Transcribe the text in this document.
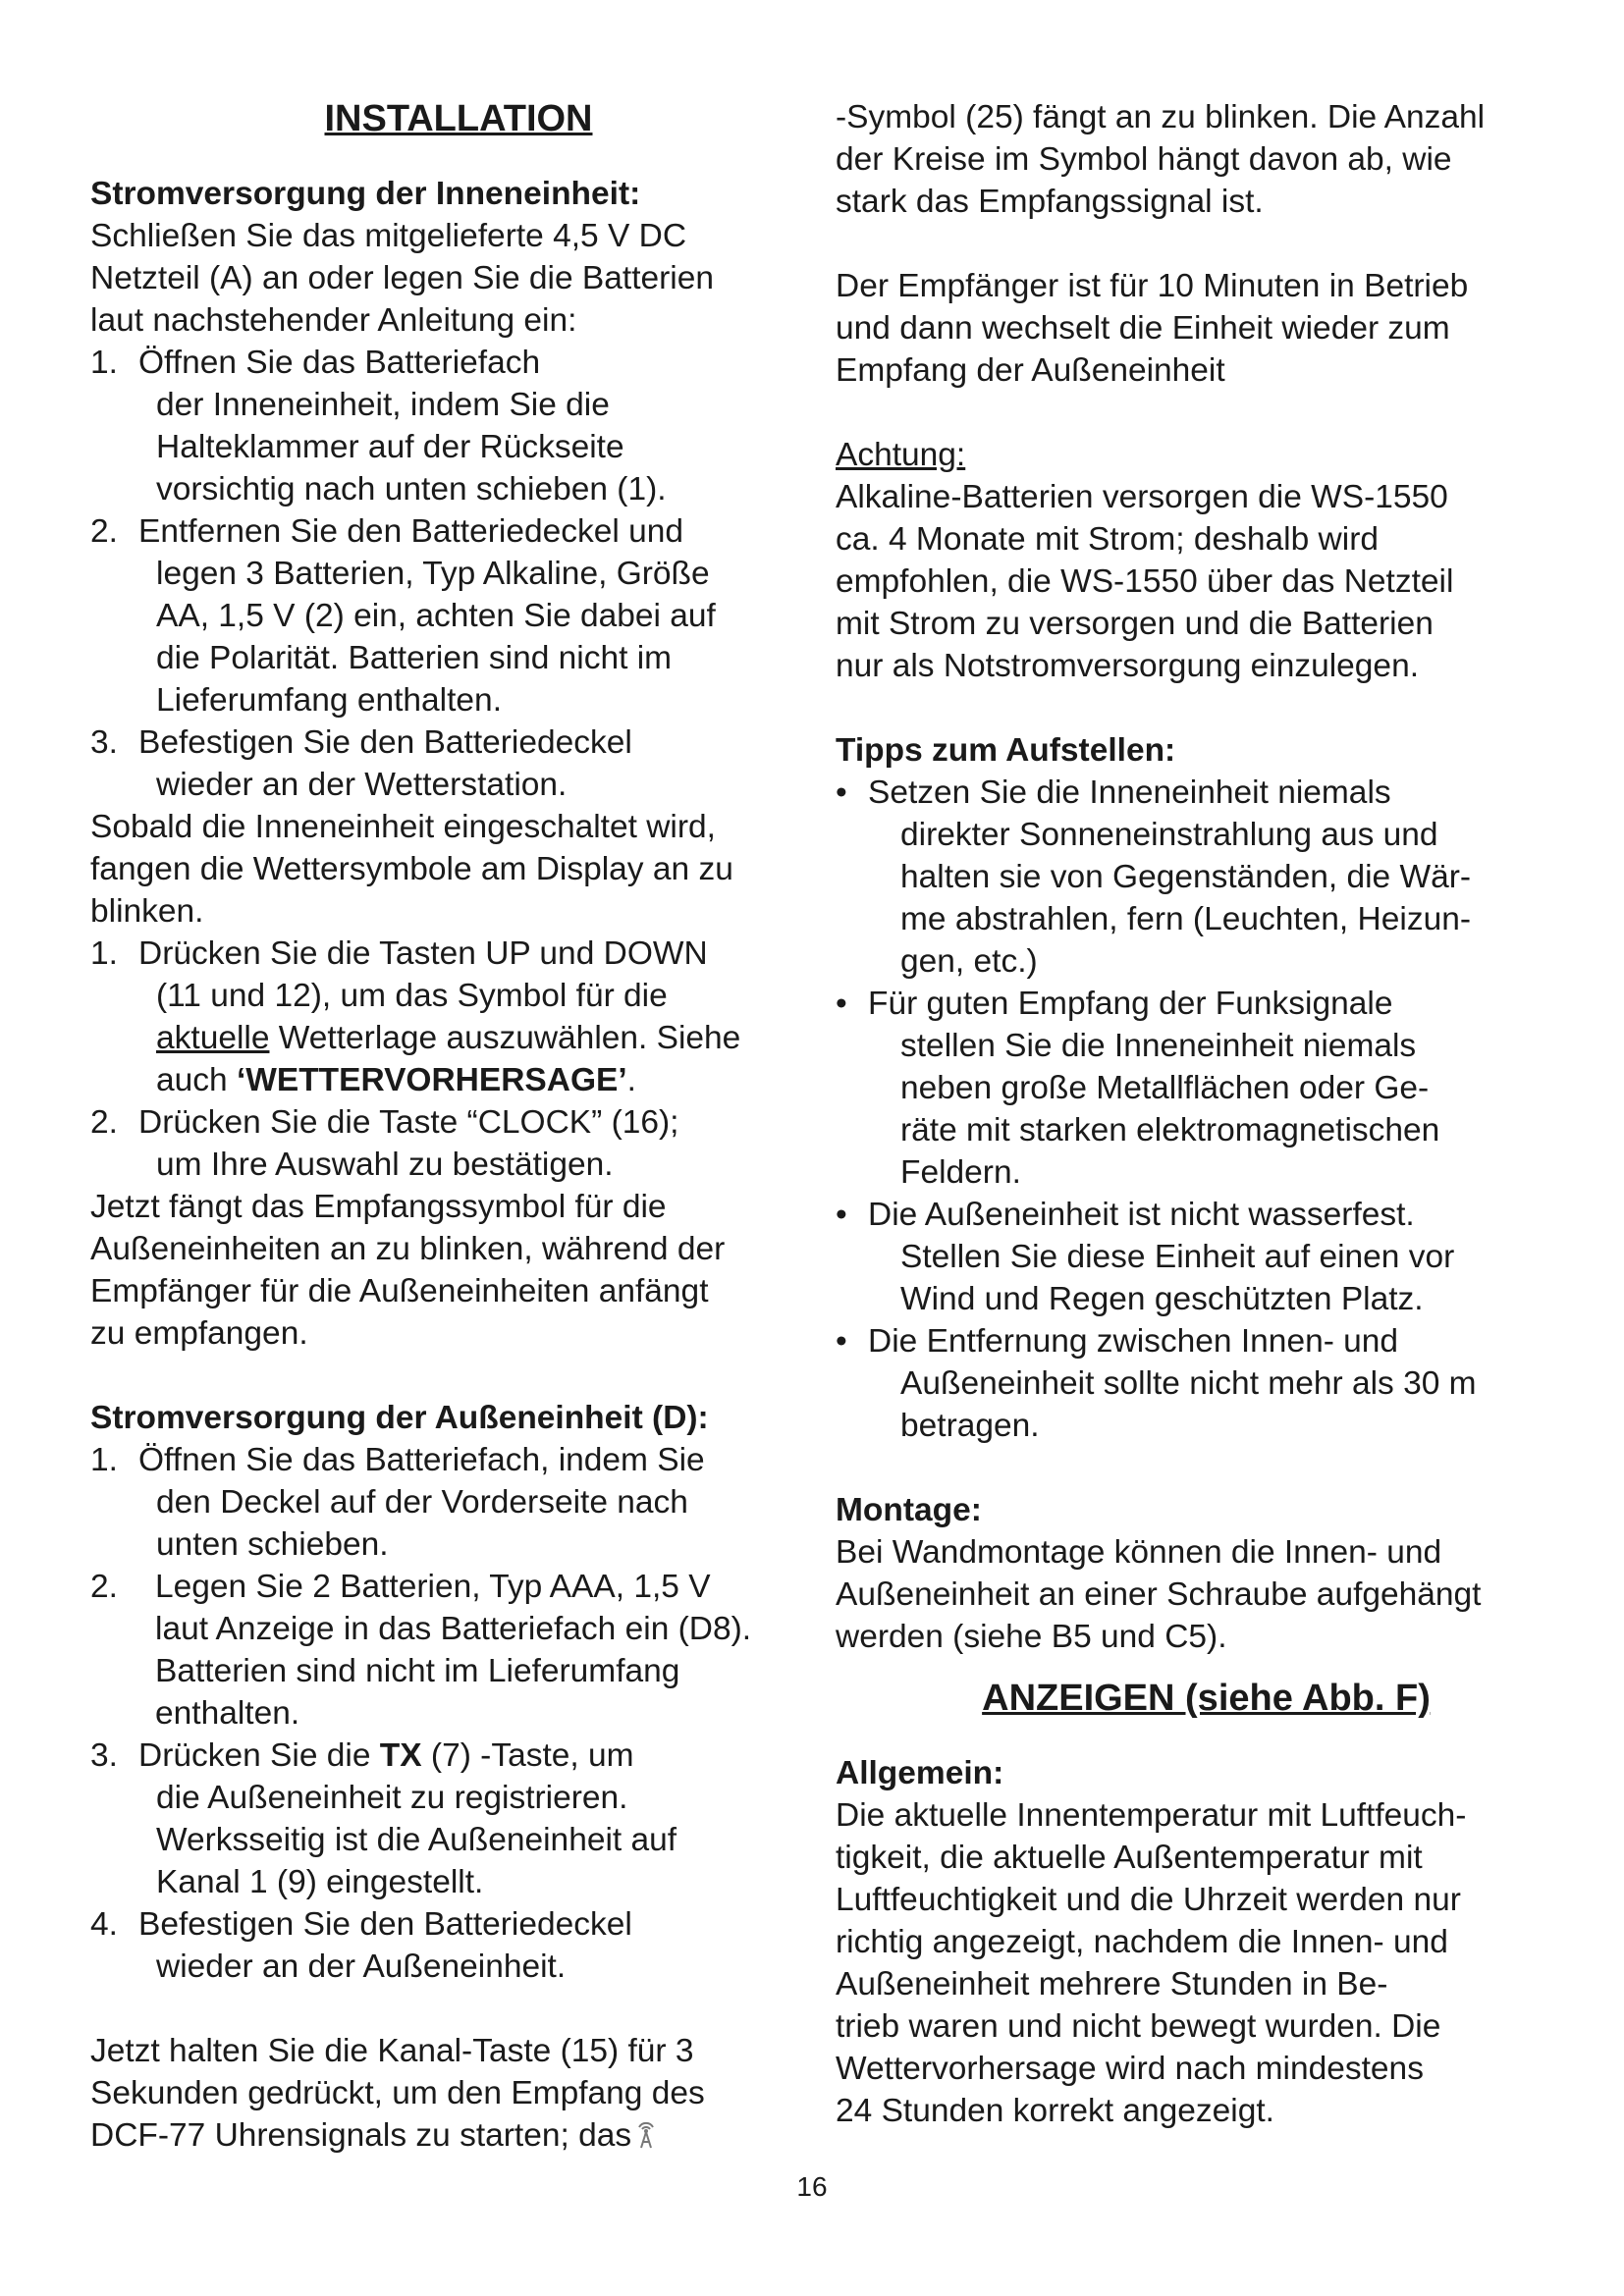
INSTALLATION

Stromversorgung der Inneneinheit:

Schließen Sie das mitgelieferte 4,5 V DC

Netzteil (A) an oder legen Sie die Batterien

laut nachstehender Anleitung ein:

1. Öffnen Sie das Batteriefach
der Inneneinheit, indem Sie die
Halteklammer auf der Rückseite
vorsichtig nach unten schieben (1).
2. Entfernen Sie den Batteriedeckel und
legen 3 Batterien, Typ Alkaline, Größe
AA, 1,5 V (2) ein, achten Sie dabei auf
die Polarität. Batterien sind nicht im
Lieferumfang enthalten.
3. Befestigen Sie den Batteriedeckel
wieder an der Wetterstation.

Sobald die Inneneinheit eingeschaltet wird,

fangen die Wettersymbole am Display an zu

blinken.

1. Drücken Sie die Tasten UP und DOWN
(11 und 12), um das Symbol für die
aktuelle Wetterlage auszuwählen. Siehe
auch ‘WETTERVORHERSAGE’.
2. Drücken Sie die Taste “CLOCK” (16);
um Ihre Auswahl zu bestätigen.

Jetzt fängt das Empfangssymbol für die

Außeneinheiten an zu blinken, während der

Empfänger für die Außeneinheiten anfängt

zu empfangen.

Stromversorgung der Außeneinheit (D):

1. Öffnen Sie das Batteriefach, indem Sie
den Deckel auf der Vorderseite nach
unten schieben.
2.	Legen Sie 2 Batterien, Typ AAA, 1,5 V
laut Anzeige in das Batteriefach ein (D8).
Batterien sind nicht im Lieferumfang
enthalten.
3. Drücken Sie die TX (7) -Taste, um
die Außeneinheit zu registrieren.
Werksseitig ist die Außeneinheit auf
Kanal 1 (9) eingestellt.
4. Befestigen Sie den Batteriedeckel
wieder an der Außeneinheit.

Jetzt halten Sie die Kanal-Taste (15) für 3

Sekunden gedrückt, um den Empfang des

DCF-77 Uhrensignals zu starten; das

-Symbol (25) fängt an zu blinken. Die Anzahl

der Kreise im Symbol hängt davon ab, wie

stark das Empfangssignal ist.

Der Empfänger ist für 10 Minuten in Betrieb

und dann wechselt die Einheit wieder zum

Empfang der Außeneinheit

Achtung:

Alkaline-Batterien versorgen die WS-1550

ca. 4 Monate mit Strom; deshalb wird

empfohlen, die WS-1550 über das Netzteil

mit Strom zu versorgen und die Batterien

nur als Notstromversorgung einzulegen.

Tipps zum Aufstellen:

• Setzen Sie die Inneneinheit niemals

direkter Sonneneinstrahlung aus und

halten sie von Gegenständen, die Wär-

me abstrahlen, fern (Leuchten, Heizun-

gen, etc.)

• Für guten Empfang der Funksignale

stellen Sie die Inneneinheit niemals

neben große Metallflächen oder Ge-

räte mit starken elektromagnetischen

Feldern.

• Die Außeneinheit ist nicht wasserfest.

Stellen Sie diese Einheit auf einen vor

Wind und Regen geschützten Platz.

• Die Entfernung zwischen Innen- und

Außeneinheit sollte nicht mehr als 30 m

betragen.

Montage:

Bei Wandmontage können die Innen- und

Außeneinheit an einer Schraube aufgehängt

werden (siehe B5 und C5).

ANZEIGEN (siehe Abb. F)

Allgemein:

Die aktuelle Innentemperatur mit Luftfeuch-

tigkeit, die aktuelle Außentemperatur mit

Luftfeuchtigkeit und die Uhrzeit werden nur

richtig angezeigt, nachdem die Innen- und

Außeneinheit mehrere Stunden in Be-

trieb waren und nicht bewegt wurden. Die

Wettervorhersage wird nach mindestens

24 Stunden korrekt angezeigt.

16
